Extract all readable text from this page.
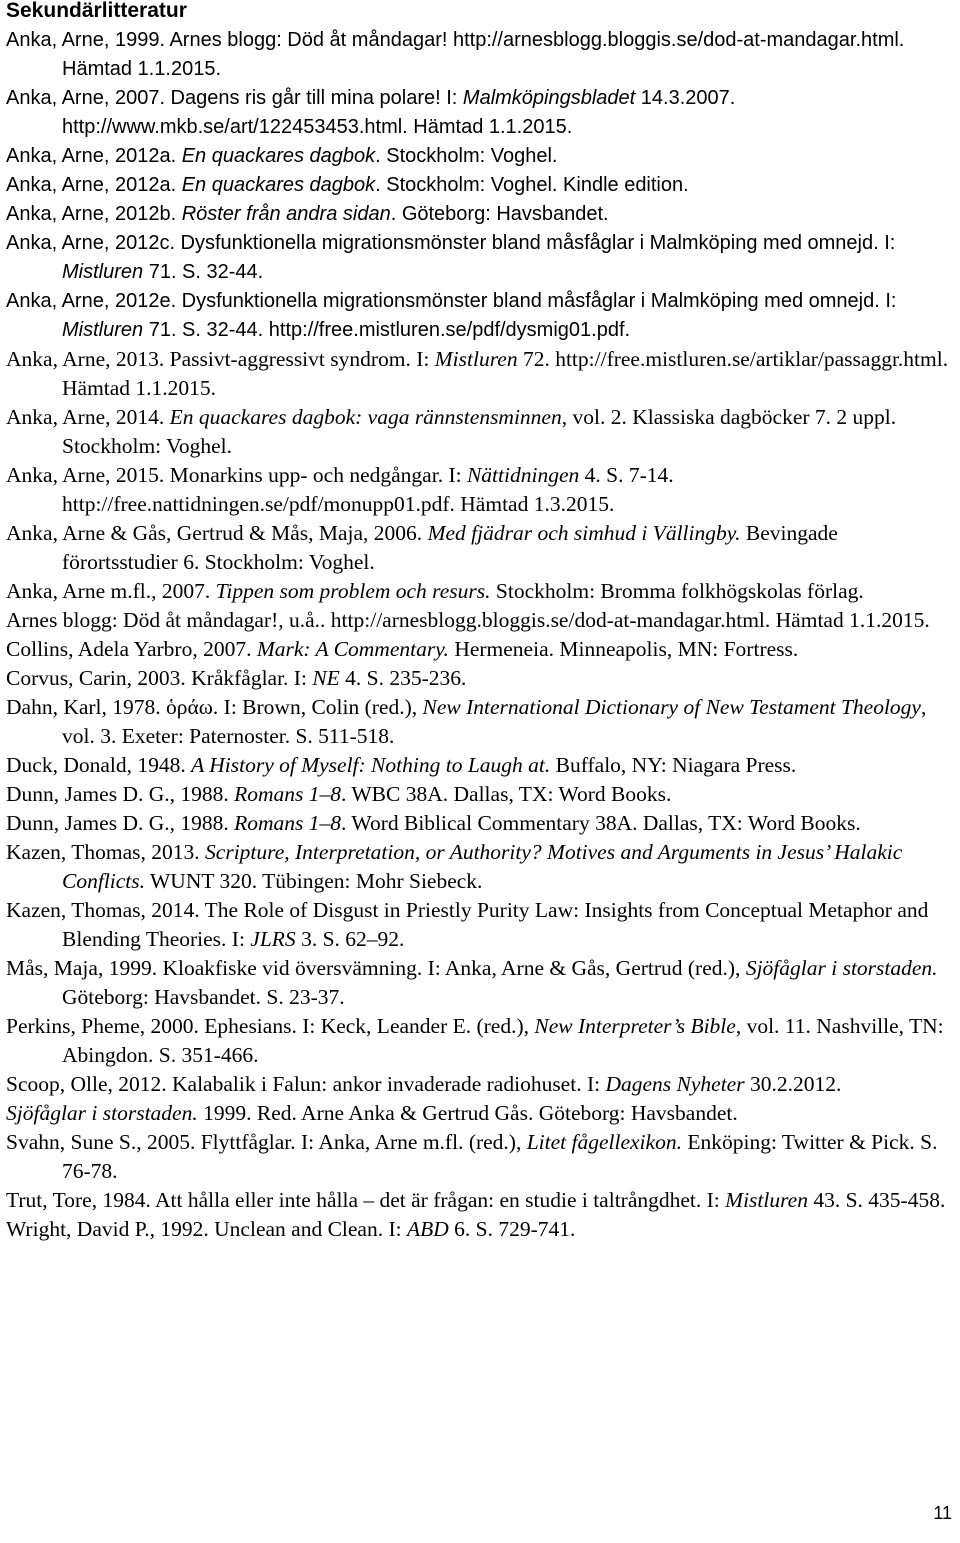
Sekundärlitteratur
Anka, Arne, 1999. Arnes blogg: Död åt måndagar! http://arnesblogg.bloggis.se/dod-at-mandagar.html. Hämtad 1.1.2015.
Anka, Arne, 2007. Dagens ris går till mina polare! I: Malmköpingsbladet 14.3.2007. http://www.mkb.se/art/122453453.html. Hämtad 1.1.2015.
Anka, Arne, 2012a. En quackares dagbok. Stockholm: Voghel.
Anka, Arne, 2012a. En quackares dagbok. Stockholm: Voghel. Kindle edition.
Anka, Arne, 2012b. Röster från andra sidan. Göteborg: Havsbandet.
Anka, Arne, 2012c. Dysfunktionella migrationsmönster bland måsfåglar i Malmköping med omnejd. I: Mistluren 71. S. 32-44.
Anka, Arne, 2012e. Dysfunktionella migrationsmönster bland måsfåglar i Malmköping med omnejd. I: Mistluren 71. S. 32-44. http://free.mistluren.se/pdf/dysmig01.pdf.
Anka, Arne, 2013. Passivt-aggressivt syndrom. I: Mistluren 72. http://free.mistluren.se/artiklar/passaggr.html. Hämtad 1.1.2015.
Anka, Arne, 2014. En quackares dagbok: vaga rännstensminnen, vol. 2. Klassiska dagböcker 7. 2 uppl. Stockholm: Voghel.
Anka, Arne, 2015. Monarkins upp- och nedgångar. I: Nättidningen 4. S. 7-14. http://free.nattidningen.se/pdf/monupp01.pdf. Hämtad 1.3.2015.
Anka, Arne & Gås, Gertrud & Mås, Maja, 2006. Med fjädrar och simhud i Vällingby. Bevingade förortsstudier 6. Stockholm: Voghel.
Anka, Arne m.fl., 2007. Tippen som problem och resurs. Stockholm: Bromma folkhögskolas förlag.
Arnes blogg: Död åt måndagar!, u.å.. http://arnesblogg.bloggis.se/dod-at-mandagar.html. Hämtad 1.1.2015.
Collins, Adela Yarbro, 2007. Mark: A Commentary. Hermeneia. Minneapolis, MN: Fortress.
Corvus, Carin, 2003. Kråkfåglar. I: NE 4. S. 235-236.
Dahn, Karl, 1978. ὁράω. I: Brown, Colin (red.), New International Dictionary of New Testament Theology, vol. 3. Exeter: Paternoster. S. 511-518.
Duck, Donald, 1948. A History of Myself: Nothing to Laugh at. Buffalo, NY: Niagara Press.
Dunn, James D. G., 1988. Romans 1–8. WBC 38A. Dallas, TX: Word Books.
Dunn, James D. G., 1988. Romans 1–8. Word Biblical Commentary 38A. Dallas, TX: Word Books.
Kazen, Thomas, 2013. Scripture, Interpretation, or Authority? Motives and Arguments in Jesus’ Halakic Conflicts. WUNT 320. Tübingen: Mohr Siebeck.
Kazen, Thomas, 2014. The Role of Disgust in Priestly Purity Law: Insights from Conceptual Metaphor and Blending Theories. I: JLRS 3. S. 62–92.
Mås, Maja, 1999. Kloakfiske vid översvämning. I: Anka, Arne & Gås, Gertrud (red.), Sjöfåglar i storstaden. Göteborg: Havsbandet. S. 23-37.
Perkins, Pheme, 2000. Ephesians. I: Keck, Leander E. (red.), New Interpreter’s Bible, vol. 11. Nashville, TN: Abingdon. S. 351-466.
Scoop, Olle, 2012. Kalabalik i Falun: ankor invaderade radiohuset. I: Dagens Nyheter 30.2.2012.
Sjöfåglar i storstaden. 1999. Red. Arne Anka & Gertrud Gås. Göteborg: Havsbandet.
Svahn, Sune S., 2005. Flyttfåglar. I: Anka, Arne m.fl. (red.), Litet fågellexikon. Enköping: Twitter & Pick. S. 76-78.
Trut, Tore, 1984. Att hålla eller inte hålla – det är frågan: en studie i taltrångdhet. I: Mistluren 43. S. 435-458.
Wright, David P., 1992. Unclean and Clean. I: ABD 6. S. 729-741.
11
